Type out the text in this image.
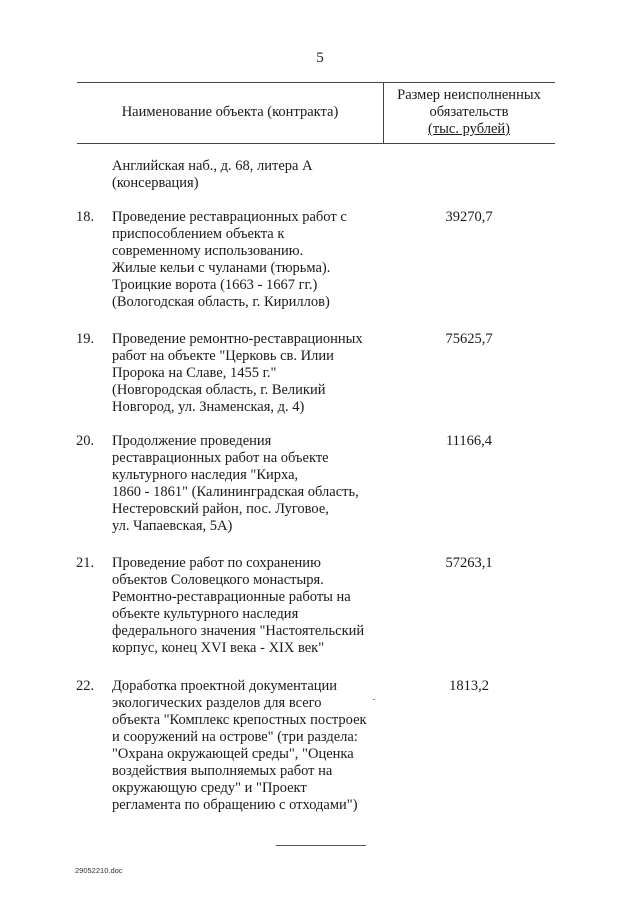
5
Наименование объекта (контракта)
Размер неисполненных
обязательств
(тыс. рублей)
Английская наб., д. 68, литера А
(консервация)
18.	Проведение реставрационных работ с
приспособлением объекта к
современному использованию.
Жилые кельи с чуланами (тюрьма).
Троицкие ворота (1663 - 1667 гг.)
(Вологодская область, г. Кириллов)
39270,7
19.	Проведение ремонтно-реставрационных
работ на объекте "Церковь св. Илии
Пророка на Славе, 1455 г."
(Новгородская область, г. Великий
Новгород, ул. Знаменская, д. 4)
75625,7
20.	Продолжение проведения
реставрационных работ на объекте
культурного наследия "Кирха,
1860 - 1861" (Калининградская область,
Нестеровский район, пос. Луговое,
ул. Чапаевская, 5А)
11166,4
21.	Проведение работ по сохранению
объектов Соловецкого монастыря.
Ремонтно-реставрационные работы на
объекте культурного наследия
федерального значения "Настоятельский
корпус, конец XVI века - XIX век"
57263,1
22.	Доработка проектной документации
экологических разделов для всего
объекта "Комплекс крепостных построек
и сооружений на острове" (три раздела:
"Охрана окружающей среды", "Оценка
воздействия выполняемых работ на
окружающую среду" и "Проект
регламента по обращению с отходами")
1813,2
29052210.doc
